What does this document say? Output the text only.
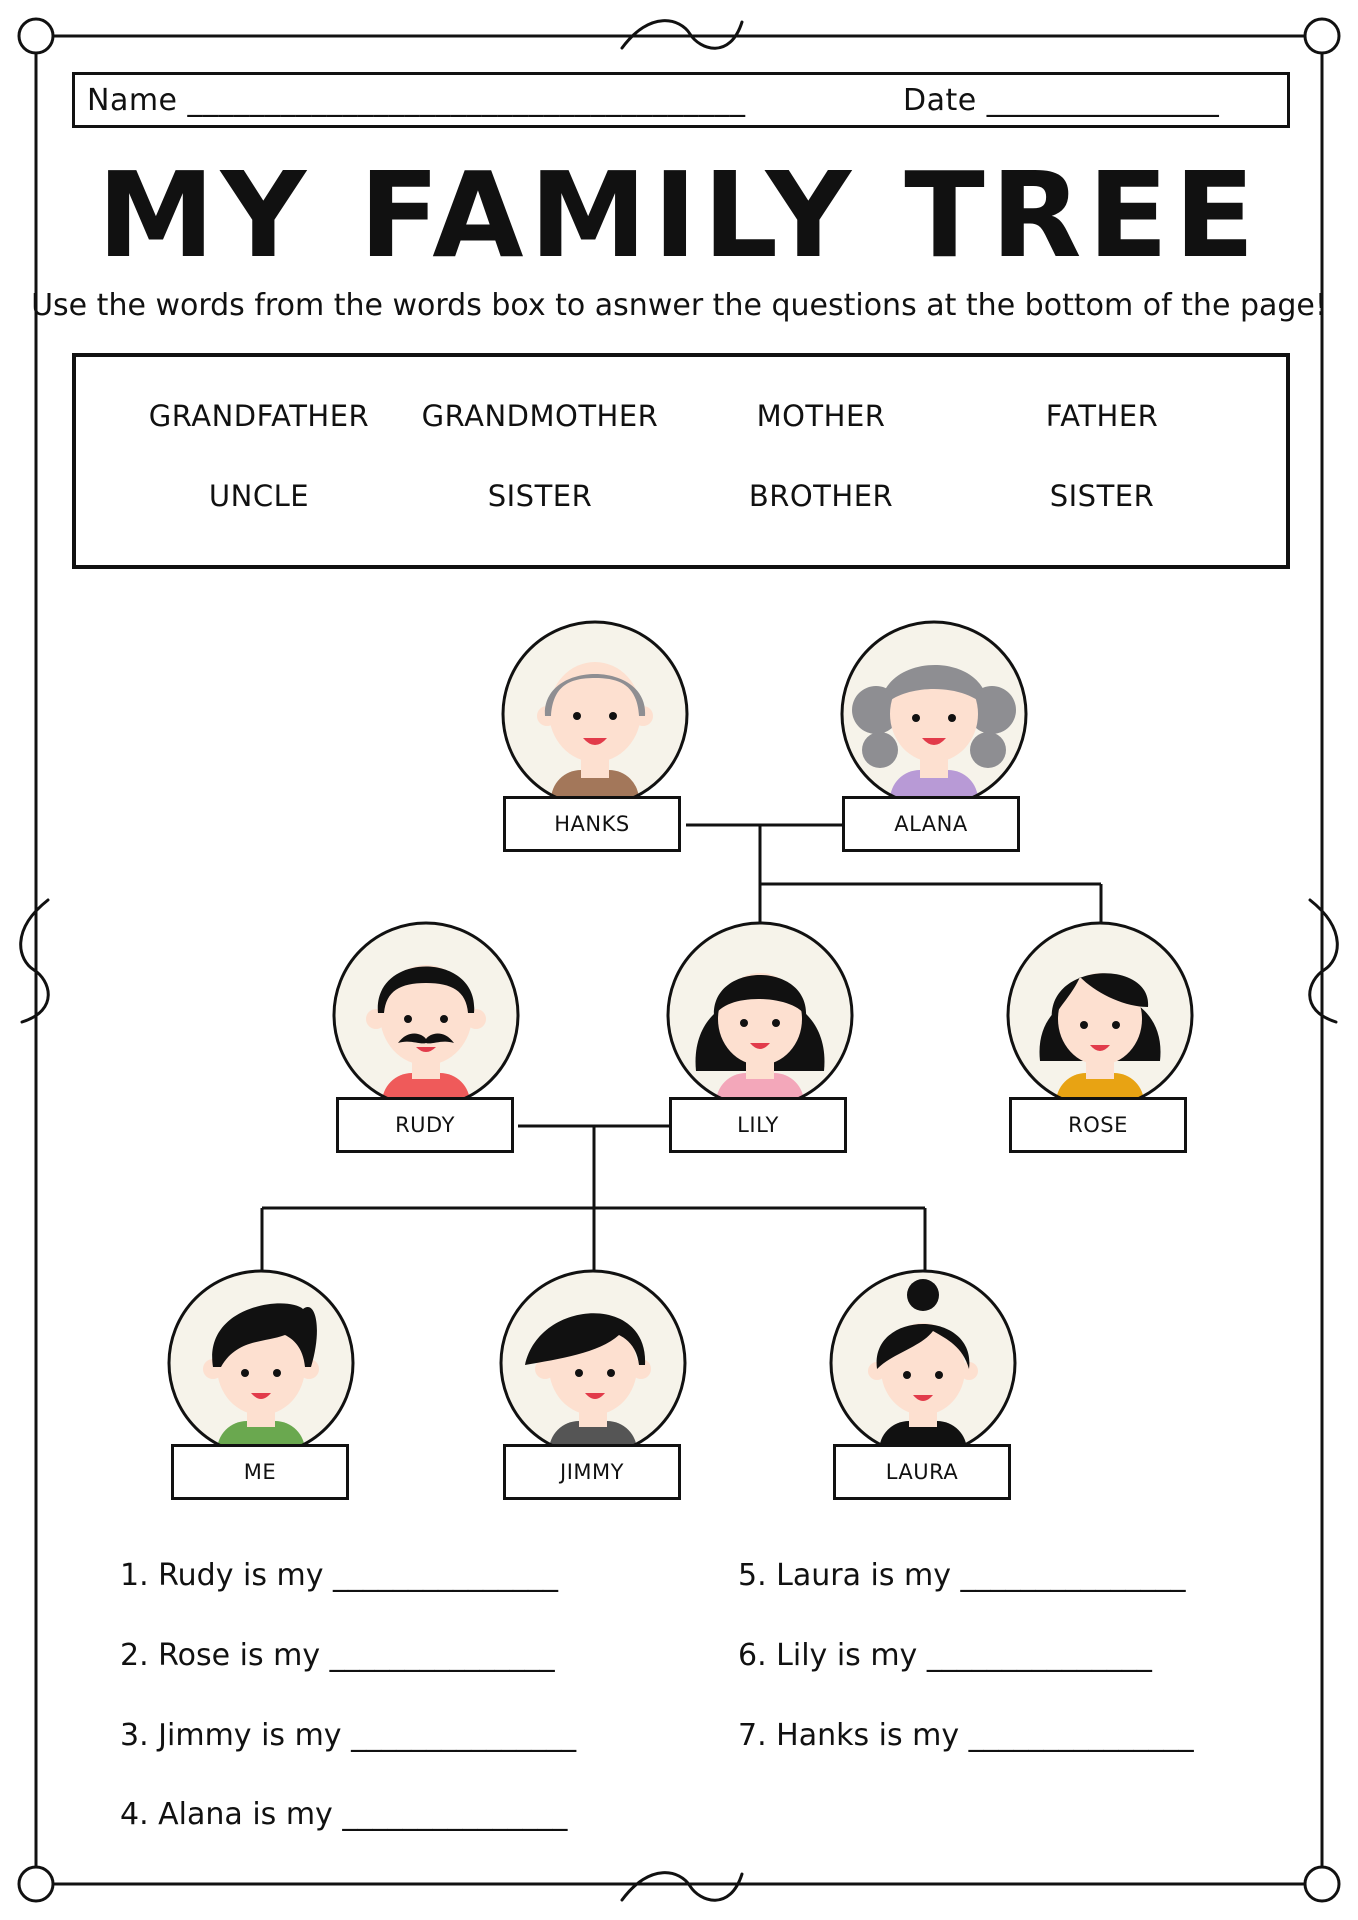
Name ____________________________________	Date _______________
MY FAMILY TREE
Use the words from the words box to asnwer the questions at the bottom of the page!
GRANDFATHER	GRANDMOTHER	MOTHER	FATHER
UNCLE	SISTER	BROTHER	SISTER
HANKS	ALANA
RUDY	LILY	ROSE
ME	JIMMY	LAURA
1. Rudy is my _______________
2. Rose is my _______________
3. Jimmy is my _______________
4. Alana is my _______________
5. Laura is my _______________
6. Lily is my _______________
7. Hanks is my _______________
